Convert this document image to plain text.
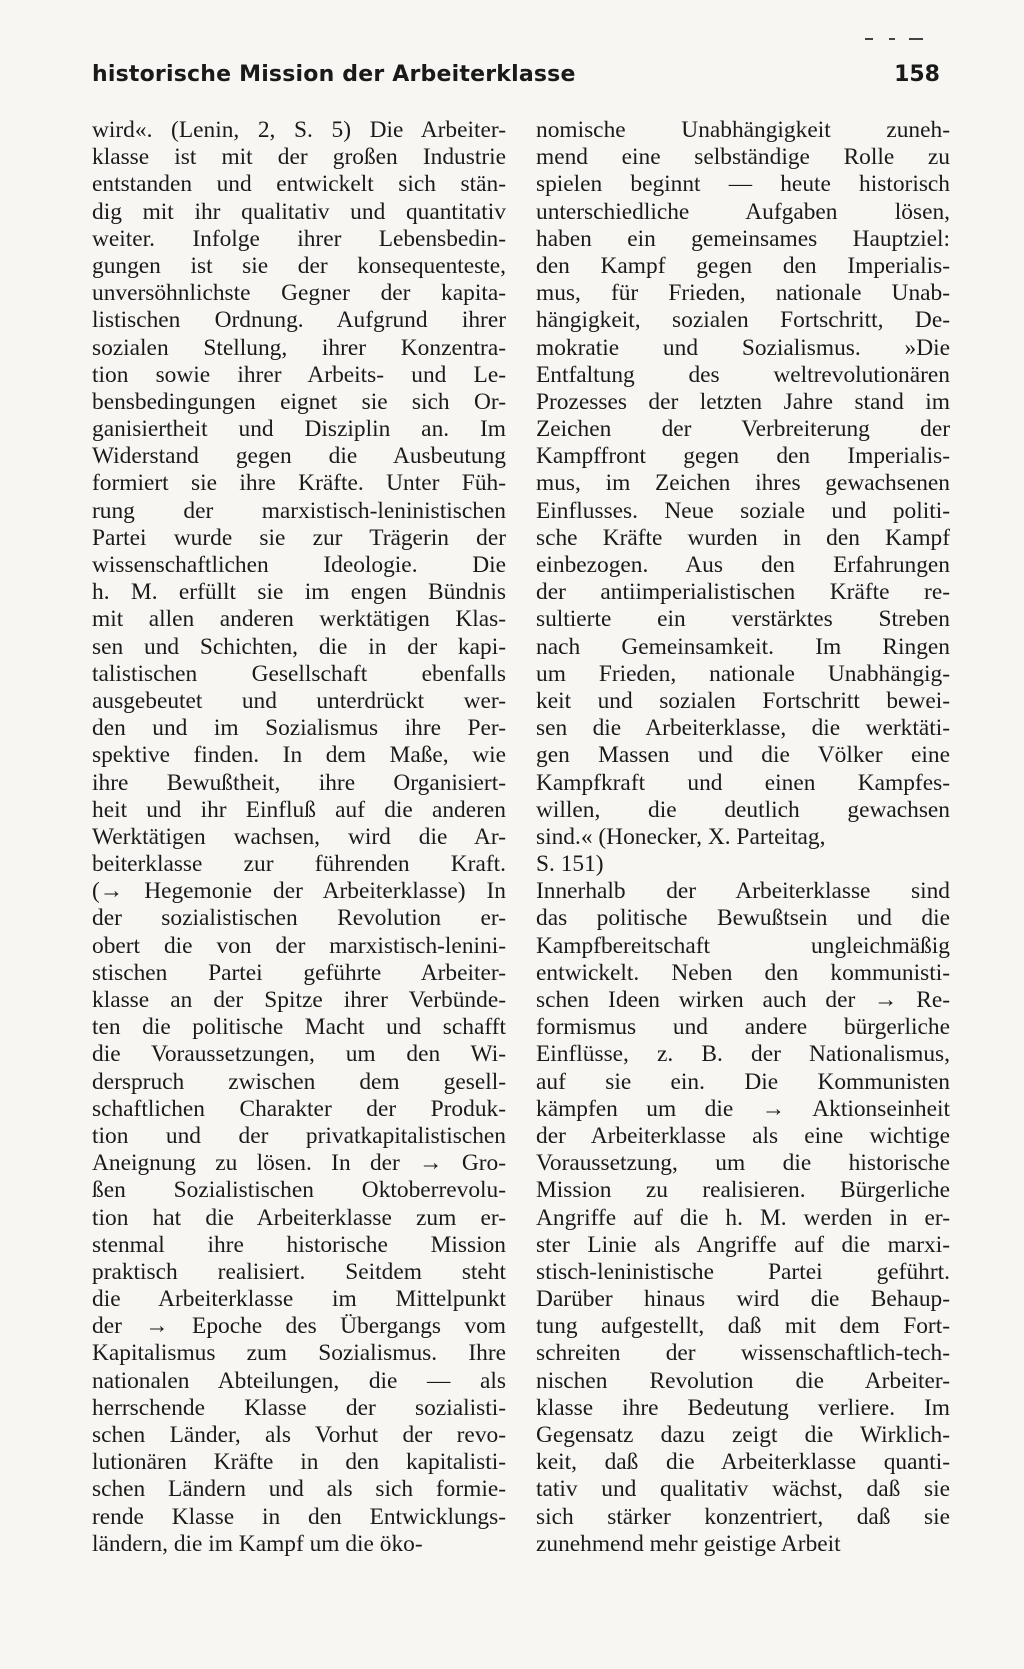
historische Mission der Arbeiterklasse	158
wird«. (Lenin, 2, S. 5) Die Arbeiter-
klasse ist mit der großen Industrie
entstanden und entwickelt sich stän-
dig mit ihr qualitativ und quantitativ
weiter. Infolge ihrer Lebensbedin-
gungen ist sie der konsequenteste,
unversöhnlichste Gegner der kapita-
listischen Ordnung. Aufgrund ihrer
sozialen Stellung, ihrer Konzentra-
tion sowie ihrer Arbeits- und Le-
bensbedingungen eignet sie sich Or-
ganisiertheit und Disziplin an. Im
Widerstand gegen die Ausbeutung
formiert sie ihre Kräfte. Unter Füh-
rung der marxistisch-leninistischen
Partei wurde sie zur Trägerin der
wissenschaftlichen Ideologie. Die
h. M. erfüllt sie im engen Bündnis
mit allen anderen werktätigen Klas-
sen und Schichten, die in der kapi-
talistischen Gesellschaft ebenfalls
ausgebeutet und unterdrückt wer-
den und im Sozialismus ihre Per-
spektive finden. In dem Maße, wie
ihre Bewußtheit, ihre Organisiert-
heit und ihr Einfluß auf die anderen
Werktätigen wachsen, wird die Ar-
beiterklasse zur führenden Kraft.
(→ Hegemonie der Arbeiterklasse) In
der sozialistischen Revolution er-
obert die von der marxistisch-lenini-
stischen Partei geführte Arbeiter-
klasse an der Spitze ihrer Verbünde-
ten die politische Macht und schafft
die Voraussetzungen, um den Wi-
derspruch zwischen dem gesell-
schaftlichen Charakter der Produk-
tion und der privatkapitalistischen
Aneignung zu lösen. In der → Gro-
ßen Sozialistischen Oktoberrevolu-
tion hat die Arbeiterklasse zum er-
stenmal ihre historische Mission
praktisch realisiert. Seitdem steht
die Arbeiterklasse im Mittelpunkt
der → Epoche des Übergangs vom
Kapitalismus zum Sozialismus. Ihre
nationalen Abteilungen, die — als
herrschende Klasse der sozialisti-
schen Länder, als Vorhut der revo-
lutionären Kräfte in den kapitalisti-
schen Ländern und als sich formie-
rende Klasse in den Entwicklungs-
ländern, die im Kampf um die öko-
nomische Unabhängigkeit zuneh-
mend eine selbständige Rolle zu
spielen beginnt — heute historisch
unterschiedliche Aufgaben lösen,
haben ein gemeinsames Hauptziel:
den Kampf gegen den Imperialis-
mus, für Frieden, nationale Unab-
hängigkeit, sozialen Fortschritt, De-
mokratie und Sozialismus. »Die
Entfaltung des weltrevolutionären
Prozesses der letzten Jahre stand im
Zeichen der Verbreiterung der
Kampffront gegen den Imperialis-
mus, im Zeichen ihres gewachsenen
Einflusses. Neue soziale und politi-
sche Kräfte wurden in den Kampf
einbezogen. Aus den Erfahrungen
der antiimperialistischen Kräfte re-
sultierte ein verstärktes Streben
nach Gemeinsamkeit. Im Ringen
um Frieden, nationale Unabhängig-
keit und sozialen Fortschritt bewei-
sen die Arbeiterklasse, die werktäti-
gen Massen und die Völker eine
Kampfkraft und einen Kampfes-
willen, die deutlich gewachsen
sind.« (Honecker, X. Parteitag,
S. 151)
Innerhalb der Arbeiterklasse sind
das politische Bewußtsein und die
Kampfbereitschaft ungleichmäßig
entwickelt. Neben den kommunisti-
schen Ideen wirken auch der → Re-
formismus und andere bürgerliche
Einflüsse, z. B. der Nationalismus,
auf sie ein. Die Kommunisten
kämpfen um die → Aktionseinheit
der Arbeiterklasse als eine wichtige
Voraussetzung, um die historische
Mission zu realisieren. Bürgerliche
Angriffe auf die h. M. werden in er-
ster Linie als Angriffe auf die marxi-
stisch-leninistische Partei geführt.
Darüber hinaus wird die Behaup-
tung aufgestellt, daß mit dem Fort-
schreiten der wissenschaftlich-tech-
nischen Revolution die Arbeiter-
klasse ihre Bedeutung verliere. Im
Gegensatz dazu zeigt die Wirklich-
keit, daß die Arbeiterklasse quanti-
tativ und qualitativ wächst, daß sie
sich stärker konzentriert, daß sie
zunehmend mehr geistige Arbeit
